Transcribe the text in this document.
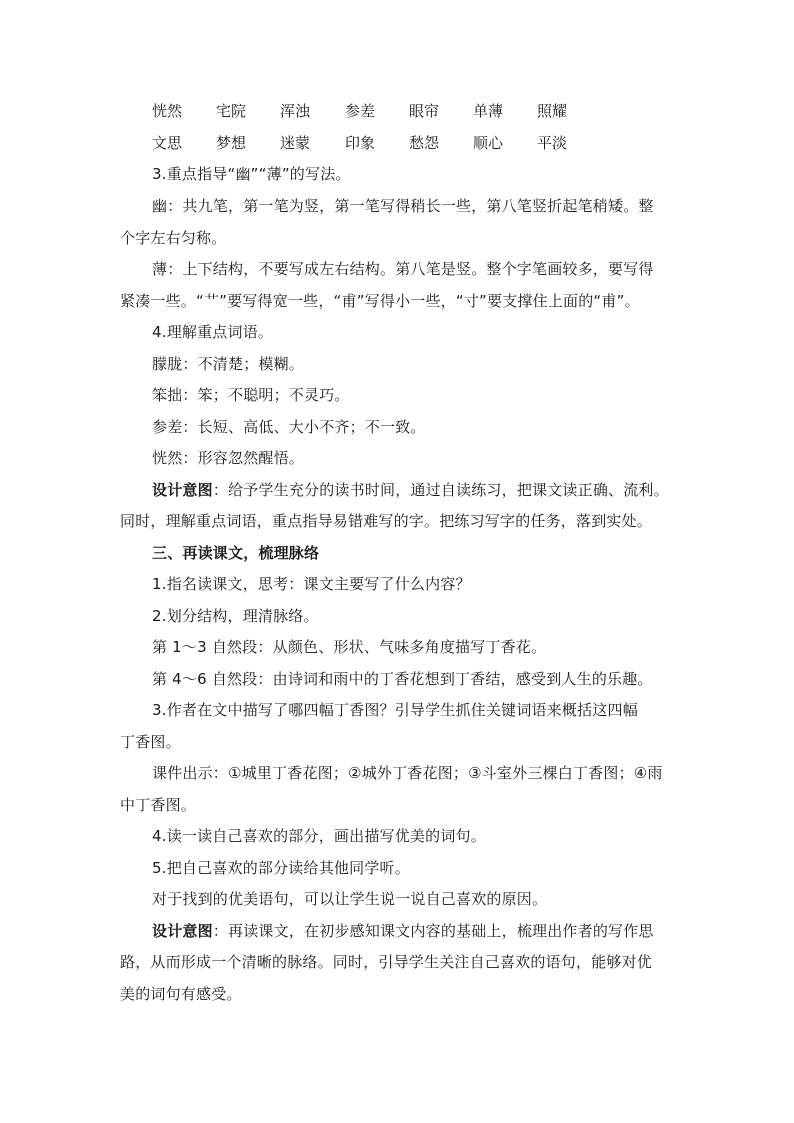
恍然 宅院 浑浊 参差 眼帘 单薄 照耀
文思 梦想 迷蒙 印象 愁怨 顺心 平淡
3.重点指导“幽”“薄”的写法。
幽：共九笔，第一笔为竖，第一笔写得稍长一些，第八笔竖折起笔稍矮。整
个字左右匀称。
薄：上下结构，不要写成左右结构。第八笔是竖。整个字笔画较多，要写得
紧凑一些。“艹”要写得宽一些，“甫”写得小一些，“寸”要支撑住上面的“甫”。
4.理解重点词语。
朦胧：不清楚；模糊。
笨拙：笨；不聪明；不灵巧。
参差：长短、高低、大小不齐；不一致。
恍然：形容忽然醒悟。
设计意图：给予学生充分的读书时间，通过自读练习，把课文读正确、流利。
同时，理解重点词语，重点指导易错难写的字。把练习写字的任务，落到实处。
三、再读课文，梳理脉络
1.指名读课文，思考：课文主要写了什么内容？
2.划分结构，理清脉络。
第 1～3 自然段：从颜色、形状、气味多角度描写丁香花。
第 4～6 自然段：由诗词和雨中的丁香花想到丁香结，感受到人生的乐趣。
3.作者在文中描写了哪四幅丁香图？引导学生抓住关键词语来概括这四幅
丁香图。
课件出示：①城里丁香花图；②城外丁香花图；③斗室外三棵白丁香图；④雨
中丁香图。
4.读一读自己喜欢的部分，画出描写优美的词句。
5.把自己喜欢的部分读给其他同学听。
对于找到的优美语句，可以让学生说一说自己喜欢的原因。
设计意图：再读课文，在初步感知课文内容的基础上，梳理出作者的写作思
路，从而形成一个清晰的脉络。同时，引导学生关注自己喜欢的语句，能够对优
美的词句有感受。
